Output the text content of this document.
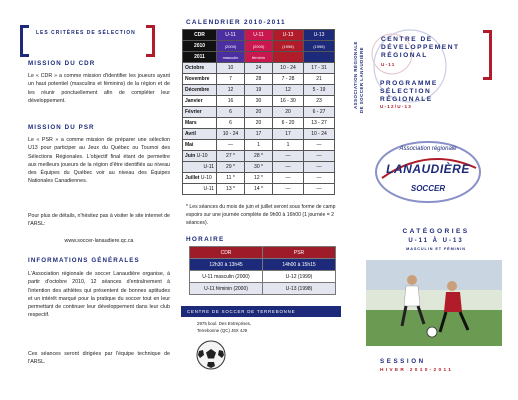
LES CRITÈRES DE SÉLECTION
MISSION DU CDR
Le « CDR » a comme mission d'identifier les joueurs ayant un haut potentiel (masculins et féminins) de la région et de les réunir ponctuellement afin de compléter leur développement.
MISSION DU PSR
Le « PSR » a comme mission de préparer une sélection U13 pour participer au Jeux du Québec ou Tournoi des Sélections Régionales. L'objectif final étant de permettre aux meilleurs joueurs de la région d'être identifiés au niveau des Équipes du Québec voir au niveau des Équipes Nationales Canadiennes.
Pour plus de détails, n'hésitez pas à visiter le site internet de l'ARSL:
www.soccer-lanaudiere.qc.ca
INFORMATIONS GÉNÉRALES
L'Association régionale de soccer Lanaudière organise, à partir d'octobre 2010, 12 séances d'entraînement à l'intention des athlètes qui présentent de bonnes aptitudes et un intérêt marqué pour la pratique du soccer tout en leur permettant de continuer leur développement dans leur club respectif.
Ces séances seront dirigées par l'équipe technique de l'ARSL.
CALENDRIER 2010-2011
CDR	U-11	U-11	U-13	U-13
2010	(2000)	(2000)	(1998)	(1998)
2011	masculin	féminin		
Octobre	10	24	10 - 24	17 - 31
Novembre	7	28	7 - 28	21
Décembre	12	19	12	5 - 19
Janvier	16	30	16 - 30	23
Février	6	20	20	6 - 27
Mars	6	20	6 - 20	13 - 27
Avril	10 - 24	17	17	10 - 24
Mai	—	1	1	—
Juin U-10	27 *	28 *	—	—
U-11	29 *	30 *	—	—
Juillet U-10	11 *	12 *	—	—
U-11	13 *	14 *	—	—
* Les séances du mois de juin et juillet seront sous forme de camp espoirs sur une journée complète de 9h00 à 16h00 (1 journée = 2 séances).
HORAIRE
CDR	PSR
12h30 à 13h45	14h00 à 15h15
U-11 masculin (2000)	U-12 (1999)
U-11 féminin (2000)	U-13 (1998)
CENTRE DE SOCCER DE TERREBONNE
2975 boul. Des Entreprises,
Terrebonne (QC) J6X 4J9
ASSOCIATION RÉGIONALE DE SOCCER LANAUDIÈRE
CENTRE DE
DÉVELOPPEMENT
RÉGIONAL
U-11
PROGRAMME
SÉLECTION
RÉGIONALE
U-12/U-13
Association régionale
LANAUDIÈRE
SOCCER
CATÉGORIES
U-11 À U-13
MASCULIN ET FÉMININ
SESSION
HIVER 2010-2011
